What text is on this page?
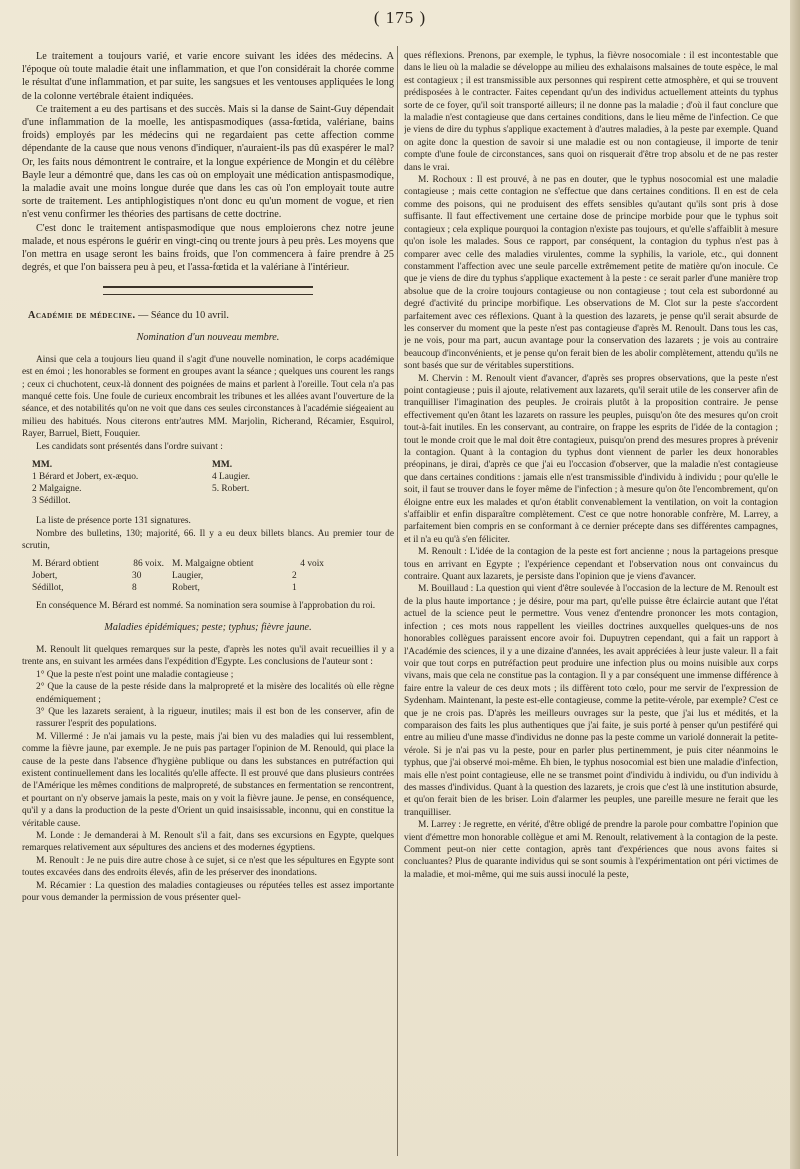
( 175 )

Le traitement a toujours varié, et varie encore suivant les idées des médecins. A l'époque où toute maladie était une inflammation, et que l'on considérait la chorée comme le résultat d'une inflammation, et par suite, les sangsues et les ventouses appliquées le long de la colonne vertébrale étaient indiquées.

Ce traitement a eu des partisans et des succès. Mais si la danse de Saint-Guy dépendait d'une inflammation de la moelle, les antispasmodiques (assa-fœtida, valériane, bains froids) employés par les médecins qui ne regardaient pas cette affection comme dépendante de la cause que nous venons d'indiquer, n'auraient-ils pas dû exaspérer le mal? Or, les faits nous démontrent le contraire, et la longue expérience de Mongin et du célèbre Bayle leur a démontré que, dans les cas où on employait une médication antispasmodique, la maladie avait une moins longue durée que dans les cas où l'on employait toute autre sorte de traitement. Les antiphlogistiques n'ont donc eu qu'un moment de vogue, et rien n'est venu confirmer les théories des partisans de cette doctrine.

C'est donc le traitement antispasmodique que nous emploierons chez notre jeune malade, et nous espérons le guérir en vingt-cinq ou trente jours à peu près. Les moyens que l'on mettra en usage seront les bains froids, que l'on commencera à faire prendre à 25 degrés, et que l'on baissera peu à peu, et l'assa-fœtida et la valériane à l'intérieur.

Académie de médecine. — Séance du 10 avril.

Nomination d'un nouveau membre.

Ainsi que cela a toujours lieu quand il s'agit d'une nouvelle nomination, le corps académique est en émoi ; les honorables se forment en groupes avant la séance ; quelques uns courent les rangs ; ceux ci chuchotent, ceux-là donnent des poignées de mains et parlent à l'oreille. Tout cela n'a pas manqué cette fois. Une foule de curieux encombrait les tribunes et les allées avant l'ouverture de la séance, et des notabilités qu'on ne voit que dans ces seules circonstances à l'académie siégeaient au milieu des habitués. Nous citerons entr'autres MM. Marjolin, Richerand, Récamier, Esquirol, Rayer, Barruel, Biett, Fouquier.

Les candidats sont présentés dans l'ordre suivant :

MM.	MM.
1 Bérard et Jobert, ex-æquo.	4 Laugier.
2 Malgaigne.	5. Robert.
3 Sédillot.

La liste de présence porte 131 signatures.

Nombre des bulletins, 130; majorité, 66. Il y a eu deux billets blancs. Au premier tour de scrutin,

M. Bérard obtient	86 voix. M. Malgaigne obtient	4 voix
Jobert,	30	Laugier,	2
Sédillot,	8	Robert,	1

En conséquence M. Bérard est nommé. Sa nomination sera soumise à l'approbation du roi.

Maladies épidémiques; peste; typhus; fièvre jaune.

M. Renoult lit quelques remarques sur la peste, d'après les notes qu'il avait recueillies il y a trente ans, en suivant les armées dans l'expédition d'Egypte. Les conclusions de l'auteur sont :

1° Que la peste n'est point une maladie contagieuse ;

2° Que la cause de la peste réside dans la malpropreté et la misère des localités où elle règne endémiquement ;

3° Que les lazarets seraient, à la rigueur, inutiles; mais il est bon de les conserver, afin de rassurer l'esprit des populations.

M. Villermé : Je n'ai jamais vu la peste, mais j'ai bien vu des maladies qui lui ressemblent, comme la fièvre jaune, par exemple. Je ne puis pas partager l'opinion de M. Renould, qui place la cause de la peste dans l'absence d'hygiène publique ou dans les substances en putréfaction qui existent continuellement dans les localités qu'elle affecte. Il est prouvé que dans plusieurs contrées de l'Amérique les mêmes conditions de malpropreté, de substances en fermentation se rencontrent, et pourtant on n'y observe jamais la peste, mais on y voit la fièvre jaune. Je pense, en conséquence, qu'il y a dans la production de la peste d'Orient un quid insaisissable, inconnu, qui en constitue la véritable cause.

M. Londe : Je demanderai à M. Renoult s'il a fait, dans ses excursions en Egypte, quelques remarques relativement aux sépultures des anciens et des modernes égyptiens.

M. Renoult : Je ne puis dire autre chose à ce sujet, si ce n'est que les sépultures en Egypte sont toutes excavées dans des endroits élevés, afin de les préserver des inondations.

M. Récamier : La question des maladies contagieuses ou réputées telles est assez importante pour vous demander la permission de vous présenter quel-

ques réflexions. Prenons, par exemple, le typhus, la fièvre nosocomiale : il est incontestable que dans le lieu où la maladie se développe au milieu des exhalaisons malsaines de toute espèce, le mal est contagieux ; il est transmissible aux personnes qui respirent cette atmosphère, et qui se trouvent prédisposées à le contracter. Faites cependant qu'un des individus actuellement atteints du typhus sorte de ce foyer, qu'il soit transporté ailleurs; il ne donne pas la maladie ; d'où il faut conclure que la maladie n'est contagieuse que dans certaines conditions, dans le lieu même de l'infection. Ce que je viens de dire du typhus s'applique exactement à d'autres maladies, à la peste par exemple. Quand on agite donc la question de savoir si une maladie est ou non contagieuse, il importe de tenir compte d'une foule de circonstances, sans quoi on risquerait d'être trop absolu et de ne pas rester dans le vrai.

M. Rochoux : Il est prouvé, à ne pas en douter, que le typhus nosocomial est une maladie contagieuse ; mais cette contagion ne s'effectue que dans certaines conditions. Il en est de cela comme des poisons, qui ne produisent des effets sensibles qu'autant qu'ils sont pris à dose suffisante. Il faut effectivement une certaine dose de principe morbide pour que le typhus soit contagieux ; cela explique pourquoi la contagion n'existe pas toujours, et qu'elle s'affaiblit à mesure qu'on isole les malades. Sous ce rapport, par conséquent, la contagion du typhus n'est pas à comparer avec celle des maladies virulentes, comme la syphilis, la variole, etc., qui donnent constamment l'affection avec une seule parcelle extrêmement petite de matière qu'on inocule. Ce que je viens de dire du typhus s'applique exactement à la peste : ce serait parler d'une manière trop absolue que de la croire toujours contagieuse ou non contagieuse ; tout cela est subordonné au degré d'activité du principe morbifique. Les observations de M. Clot sur la peste s'accordent parfaitement avec ces réflexions. Quant à la question des lazarets, je pense qu'il serait absurde de les conserver du moment que la peste n'est pas contagieuse d'après M. Renoult. Dans tous les cas, je ne vois, pour ma part, aucun avantage pour la conservation des lazarets ; je vois au contraire beaucoup d'inconvénients, et je pense qu'on ferait bien de les abolir complètement, attendu qu'ils ne sont basés que sur de véritables superstitions.

M. Chervin : M. Renoult vient d'avancer, d'après ses propres observations, que la peste n'est point contagieuse ; puis il ajoute, relativement aux lazarets, qu'il serait utile de les conserver afin de tranquilliser l'imagination des peuples. Je croirais plutôt à la proposition contraire. Je pense effectivement qu'en ôtant les lazarets on rassure les peuples, puisqu'on ôte des mesures qu'on croit tout-à-fait inutiles. En les conservant, au contraire, on frappe les esprits de l'idée de la contagion ; tout le monde croit que le mal doit être contagieux, puisqu'on prend des mesures propres à prévenir la contagion. Quant à la contagion du typhus dont viennent de parler les deux honorables préopinans, je dirai, d'après ce que j'ai eu l'occasion d'observer, que la maladie n'est contagieuse que dans certaines conditions : jamais elle n'est transmissible d'individu à individu ; pour qu'elle le soit, il faut se trouver dans le foyer même de l'infection ; à mesure qu'on ôte l'encombrement, qu'on éloigne entre eux les malades et qu'on établit convenablement la ventilation, on voit la contagion s'affaiblir et enfin disparaître complètement. C'est ce que notre honorable confrère, M. Larrey, a parfaitement bien compris en se conformant à ce dernier précepte dans ses différentes campagnes, et il n'a eu qu'à s'en féliciter.

M. Renoult : L'idée de la contagion de la peste est fort ancienne ; nous la partageions presque tous en arrivant en Egypte ; l'expérience cependant et l'observation nous ont convaincus du contraire. Quant aux lazarets, je persiste dans l'opinion que je viens d'avancer.

M. Bouillaud : La question qui vient d'être soulevée à l'occasion de la lecture de M. Renoult est de la plus haute importance ; je désire, pour ma part, qu'elle puisse être éclaircie autant que l'état actuel de la science peut le permettre. Vous venez d'entendre prononcer les mots contagion, infection ; ces mots nous rappellent les vieilles doctrines auxquelles quelques-uns de nos honorables collègues paraissent encore avoir foi. Dupuytren cependant, qui a fait un rapport à l'Académie des sciences, il y a une dizaine d'années, les avait appréciées à leur juste valeur. Il a fait voir que tout corps en putréfaction peut produire une infection plus ou moins nuisible aux corps vivans, mais que cela ne constitue pas la contagion. Il y a par conséquent une immense différence à faire entre la valeur de ces deux mots ; ils diffèrent toto cœlo, pour me servir de l'expression de Sydenham. Maintenant, la peste est-elle contagieuse, comme la petite-vérole, par exemple? C'est ce que je ne crois pas. D'après les meilleurs ouvrages sur la peste, que j'ai lus et médités, et la comparaison des faits les plus authentiques que j'ai faite, je suis porté à penser qu'un pestiféré qui entre au milieu d'une masse d'individus ne donne pas la peste comme un variolé donnerait la petite-vérole. Si je n'ai pas vu la peste, pour en parler plus pertinemment, je puis citer néanmoins le typhus, que j'ai observé moi-même. Eh bien, le typhus nosocomial est bien une maladie d'infection, mais elle n'est point contagieuse, elle ne se transmet point d'individu à individu, ou d'un individu à des masses d'individus. Quant à la question des lazarets, je crois que c'est là une institution absurde, et qu'on ferait bien de les briser. Loin d'alarmer les peuples, une pareille mesure ne ferait que les tranquilliser.

M. Larrey : Je regrette, en vérité, d'être obligé de prendre la parole pour combattre l'opinion que vient d'émettre mon honorable collègue et ami M. Renoult, relativement à la contagion de la peste. Comment peut-on nier cette contagion, après tant d'expériences que nous avons faites si concluantes? Plus de quarante individus qui se sont soumis à l'expérimentation ont péri victimes de la maladie, et moi-même, qui me suis aussi inoculé la peste,
